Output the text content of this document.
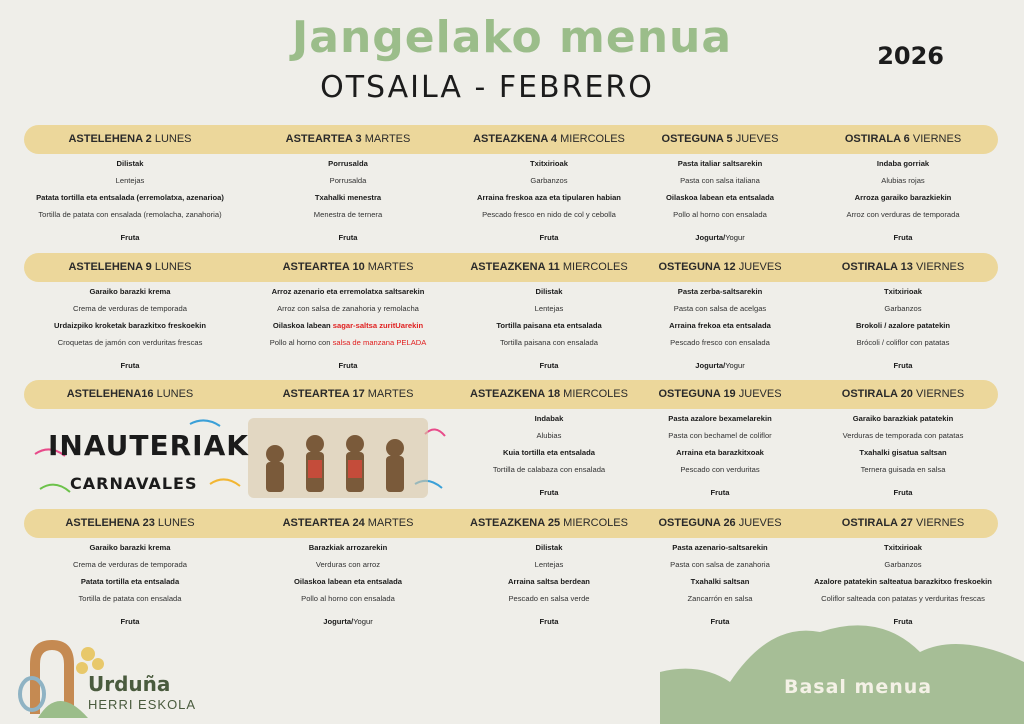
Jangelako menua
OTSAILA - FEBRERO
2026
ASTELEHENA 2 LUNES
Dilistak
Lentejas
Patata tortilla eta entsalada (erremolatxa, azenarioa)
Tortilla de patata con ensalada (remolacha, zanahoria)
Fruta
ASTEARTEA 3 MARTES
Porrusalda
Porrusalda
Txahalki menestra
Menestra de ternera
Fruta
ASTEAZKENA 4 MIERCOLES
Txitxirioak
Garbanzos
Arraina freskoa aza eta tipularen habian
Pescado fresco en nido de col y cebolla
Fruta
OSTEGUNA 5 JUEVES
Pasta italiar saltsarekin
Pasta con salsa italiana
Oilaskoa labean eta entsalada
Pollo al horno con ensalada
Jogurta/Yogur
OSTIRALA 6 VIERNES
Indaba gorriak
Alubias rojas
Arroza garaiko barazkiekin
Arroz con verduras de temporada
Fruta
ASTELEHENA 9 LUNES
Garaiko barazki krema
Crema de verduras de temporada
Urdaizpiko kroketak barazkitxo freskoekin
Croquetas de jamón con verduritas frescas
Fruta
ASTEARTEA 10 MARTES
Arroz azenario eta erremolatxa saltsarekin
Arroz con salsa de zanahoria y remolacha
Oilaskoa labean sagar-saltsa zuritUarekin
Pollo al horno con salsa de manzana PELADA
Fruta
ASTEAZKENA 11 MIERCOLES
Dilistak
Lentejas
Tortilla paisana eta entsalada
Tortilla paisana con ensalada
Fruta
OSTEGUNA 12 JUEVES
Pasta zerba-saltsarekin
Pasta con salsa de acelgas
Arraina frekoa eta entsalada
Pescado fresco con ensalada
Jogurta/Yogur
OSTIRALA 13 VIERNES
Txitxirioak
Garbanzos
Brokoli / azalore patatekin
Brócoli / coliflor con patatas
Fruta
ASTELEHENA16 LUNES	ASTEARTEA 17 MARTES	ASTEAZKENA 18 MIERCOLES
Indabak
Alubias
Kuia tortilla eta entsalada
Tortilla de calabaza con ensalada
Fruta
OSTEGUNA 19 JUEVES
Pasta azalore bexamelarekin
Pasta con bechamel de coliflor
Arraina eta barazkitxoak
Pescado con verduritas
Fruta
OSTIRALA 20 VIERNES
Garaiko barazkiak patatekin
Verduras de temporada con patatas
Txahalki gisatua saltsan
Ternera guisada en salsa
Fruta
ASTELEHENA 23 LUNES
Garaiko barazki krema
Crema de verduras de temporada
Patata tortilla eta entsalada
Tortilla de patata con ensalada
Fruta
ASTEARTEA 24 MARTES
Barazkiak arrozarekin
Verduras con arroz
Oilaskoa labean eta entsalada
Pollo al horno con ensalada
Jogurta/Yogur
ASTEAZKENA 25 MIERCOLES
Dilistak
Lentejas
Arraina saltsa berdean
Pescado en salsa verde
Fruta
OSTEGUNA 26 JUEVES
Pasta azenario-saltsarekin
Pasta con salsa de zanahoria
Txahalki saltsan
Zancarrón en salsa
Fruta
OSTIRALA 27 VIERNES
Txitxirioak
Garbanzos
Azalore patatekin salteatua barazkitxo freskoekin
Coliflor salteada con patatas y verduritas frescas
Fruta
INAUTERIAK
CARNAVALES
Urduña
HERRI ESKOLA
Basal menua
